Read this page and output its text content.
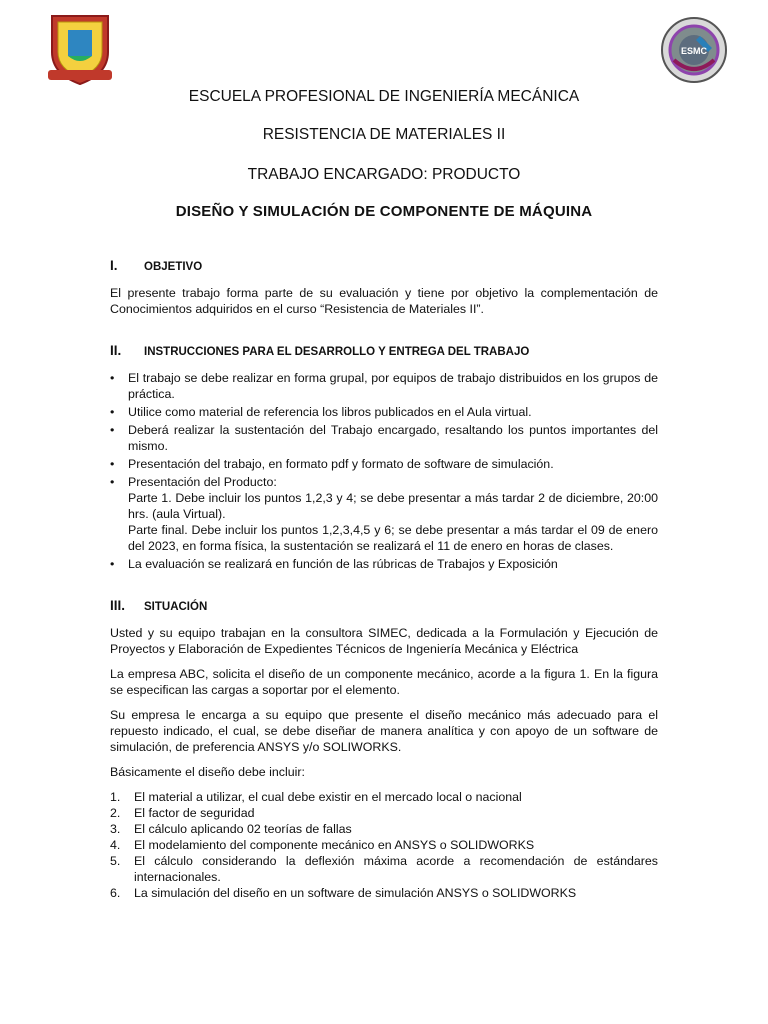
ESMC
ESCUELA PROFESIONAL DE INGENIERÍA MECÁNICA
RESISTENCIA DE MATERIALES II
TRABAJO ENCARGADO: PRODUCTO
DISEÑO Y SIMULACIÓN DE COMPONENTE DE MÁQUINA
I.	OBJETIVO

El presente trabajo forma parte de su evaluación y tiene por objetivo la complementación de Conocimientos adquiridos en el curso “Resistencia de Materiales II”.

II.	INSTRUCCIONES PARA EL DESARROLLO Y ENTREGA DEL TRABAJO
• El trabajo se debe realizar en forma grupal, por equipos de trabajo distribuidos en los grupos de práctica.
• Utilice como material de referencia los libros publicados en el Aula virtual.
• Deberá realizar la sustentación del Trabajo encargado, resaltando los puntos importantes del mismo.
• Presentación del trabajo, en formato pdf y formato de software de simulación.
• Presentación del Producto:
Parte 1. Debe incluir los puntos 1,2,3 y 4; se debe presentar a más tardar 2 de diciembre, 20:00 hrs. (aula Virtual).
Parte final. Debe incluir los puntos 1,2,3,4,5 y 6; se debe presentar a más tardar el 09 de enero del 2023, en forma física, la sustentación se realizará el 11 de enero en horas de clases.
• La evaluación se realizará en función de las rúbricas de Trabajos y Exposición
III.	SITUACIÓN

Usted y su equipo trabajan en la consultora SIMEC, dedicada a la Formulación y Ejecución de Proyectos y Elaboración de Expedientes Técnicos de Ingeniería Mecánica y Eléctrica

La empresa ABC, solicita el diseño de un componente mecánico, acorde a la figura 1. En la figura se especifican las cargas a soportar por el elemento.

Su empresa le encarga a su equipo que presente el diseño mecánico más adecuado para el repuesto indicado, el cual, se debe diseñar de manera analítica y con apoyo de un software de simulación, de preferencia ANSYS y/o SOLIWORKS.

Básicamente el diseño debe incluir:

1. El material a utilizar, el cual debe existir en el mercado local o nacional
2. El factor de seguridad
3. El cálculo aplicando 02 teorías de fallas
4. El modelamiento del componente mecánico en ANSYS o SOLIDWORKS
5. El cálculo considerando la deflexión máxima acorde a recomendación de estándares internacionales.
6. La simulación del diseño en un software de simulación ANSYS o SOLIDWORKS
